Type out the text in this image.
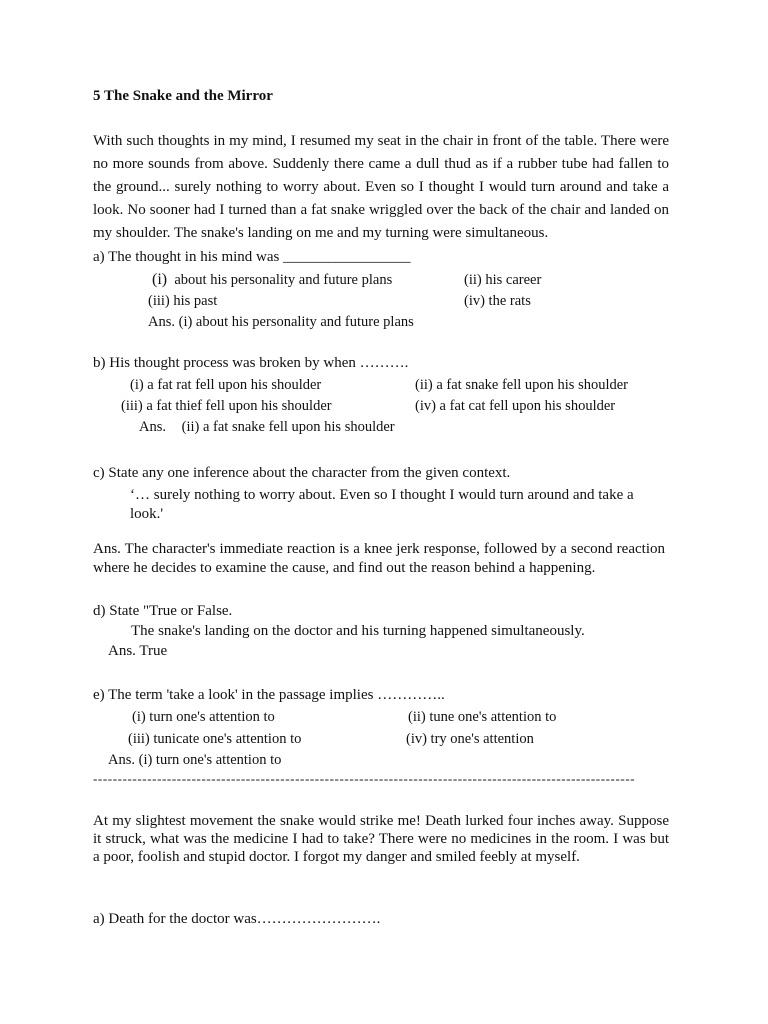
5 The Snake and the Mirror
With such thoughts in my mind, I resumed my seat in the chair in front of the table. There were no more sounds from above. Suddenly there came a dull thud as if a rubber tube had fallen to the ground... surely nothing to worry about. Even so I thought I would turn around and take a look. No sooner had I turned than a fat snake wriggled over the back of the chair and landed on my shoulder. The snake's landing on me and my turning were simultaneous.
a) The thought in his mind was _________________
(i) about his personality and future plans	(ii) his career
(iii) his past	(iv) the rats
Ans. (i) about his personality and future plans
b) His thought process was broken by when ……….
(i) a fat rat fell upon his shoulder	(ii) a fat snake fell upon his shoulder
(iii) a fat thief fell upon his shoulder	(iv) a fat cat fell upon his shoulder
Ans. (ii) a fat snake fell upon his shoulder
c) State any one inference about the character from the given context.
‘… surely nothing to worry about. Even so I thought I would turn around and take a look.'
Ans. The character's immediate reaction is a knee jerk response, followed by a second reaction where he decides to examine the cause, and find out the reason behind a happening.
d) State "True or False.
The snake's landing on the doctor and his turning happened simultaneously.
Ans. True
e) The term 'take a look' in the passage implies …………..
(i) turn one's attention to	(ii) tune one's attention to
(iii) tunicate one's attention to	(iv) try one's attention
Ans. (i) turn one's attention to
--------------------------------------------------------------------------------------------------------------
At my slightest movement the snake would strike me! Death lurked four inches away. Suppose it struck, what was the medicine I had to take? There were no medicines in the room. I was but a poor, foolish and stupid doctor. I forgot my danger and smiled feebly at myself.
a) Death for the doctor was…………………….
